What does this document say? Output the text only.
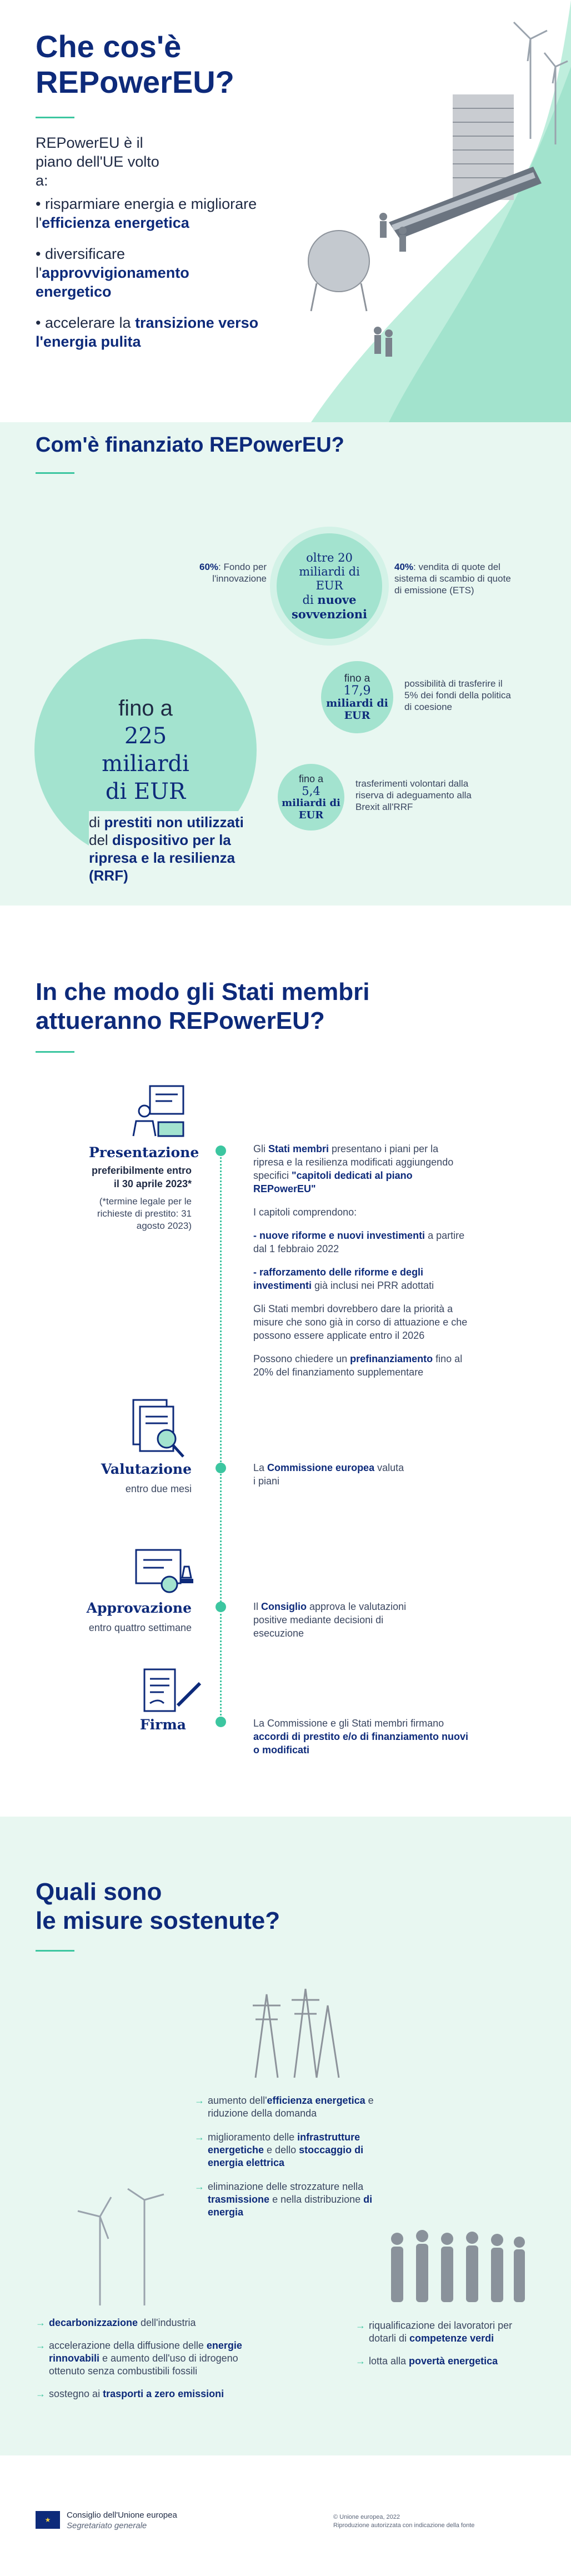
Che cos'è
REPowerEU?
REPowerEU è il piano dell'UE volto a:
• risparmiare energia e migliorare l'efficienza energetica
• diversificare l'approvvigionamento energetico
• accelerare la transizione verso l'energia pulita
Com'è finanziato REPowerEU?
oltre 20
miliardi di
EUR
di nuove
sovvenzioni
60%: Fondo per l'innovazione
40%: vendita di quote del sistema di scambio di quote di emissione (ETS)
fino a
225
miliardi
di EUR
di prestiti non utilizzati del dispositivo per la ripresa e la resilienza (RRF)
fino a
17,9
miliardi di
EUR
possibilità di trasferire il 5% dei fondi della politica di coesione
fino a
5,4
miliardi di
EUR
trasferimenti volontari dalla riserva di adeguamento alla Brexit all'RRF
In che modo gli Stati membri
attueranno REPowerEU?
Presentazione
preferibilmente entro il 30 aprile 2023*
(*termine legale per le richieste di prestito: 31 agosto 2023)

Gli Stati membri presentano i piani per la ripresa e la resilienza modificati aggiungendo specifici "capitoli dedicati al piano REPowerEU"

I capitoli comprendono:

- nuove riforme e nuovi investimenti a partire dal 1 febbraio 2022

- rafforzamento delle riforme e degli investimenti già inclusi nei PRR adottati

Gli Stati membri dovrebbero dare la priorità a misure che sono già in corso di attuazione e che possono essere applicate entro il 2026

Possono chiedere un prefinanziamento fino al 20% del finanziamento supplementare

Valutazione
entro due mesi
La Commissione europea valuta i piani
Approvazione
entro quattro settimane
Il Consiglio approva le valutazioni positive mediante decisioni di esecuzione
Firma	La Commissione e gli Stati membri firmano accordi di prestito e/o di finanziamento nuovi o modificati
Quali sono
le misure sostenute?
→ aumento dell'efficienza energetica e riduzione della domanda
→ miglioramento delle infrastrutture energetiche e dello stoccaggio di energia elettrica
→ eliminazione delle strozzature nella trasmissione e nella distribuzione di energia
→ decarbonizzazione dell'industria
→ accelerazione della diffusione delle energie rinnovabili e aumento dell'uso di idrogeno ottenuto senza combustibili fossili
→ sostegno ai trasporti a zero emissioni
→ riqualificazione dei lavoratori per dotarli di competenze verdi
→ lotta alla povertà energetica
★	Consiglio dell'Unione europea
Segretariato generale
© Unione europea, 2022
Riproduzione autorizzata con indicazione della fonte
